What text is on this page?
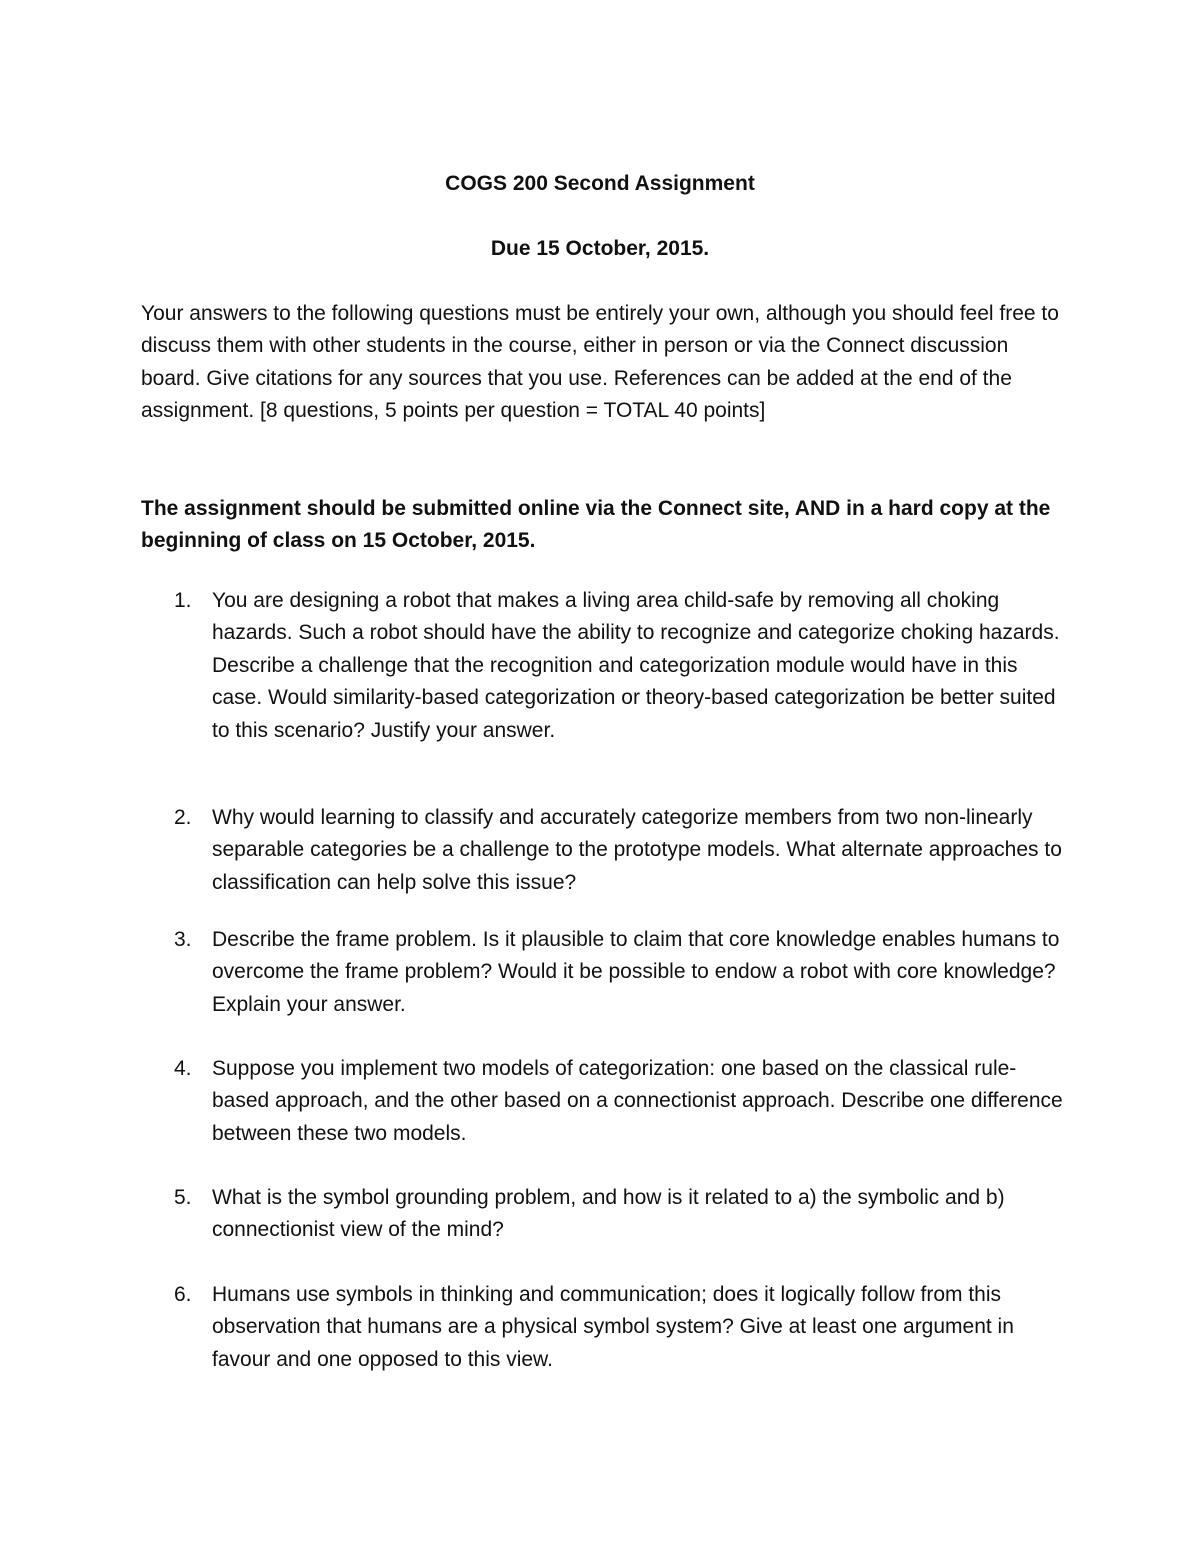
COGS 200 Second Assignment
Due 15 October, 2015.

Your answers to the following questions must be entirely your own, although you should feel free to discuss them with other students in the course, either in person or via the Connect discussion board. Give citations for any sources that you use. References can be added at the end of the assignment. [8 questions, 5 points per question = TOTAL 40 points]

The assignment should be submitted online via the Connect site, AND in a hard copy at the beginning of class on 15 October, 2015.

1. You are designing a robot that makes a living area child-safe by removing all choking hazards. Such a robot should have the ability to recognize and categorize choking hazards. Describe a challenge that the recognition and categorization module would have in this case. Would similarity-based categorization or theory-based categorization be better suited to this scenario? Justify your answer.

2. Why would learning to classify and accurately categorize members from two non-linearly separable categories be a challenge to the prototype models. What alternate approaches to classification can help solve this issue?

3. Describe the frame problem. Is it plausible to claim that core knowledge enables humans to overcome the frame problem? Would it be possible to endow a robot with core knowledge? Explain your answer.

4. Suppose you implement two models of categorization: one based on the classical rule-based approach, and the other based on a connectionist approach. Describe one difference between these two models.

5. What is the symbol grounding problem, and how is it related to a) the symbolic and b) connectionist view of the mind?

6. Humans use symbols in thinking and communication; does it logically follow from this observation that humans are a physical symbol system? Give at least one argument in favour and one opposed to this view.
